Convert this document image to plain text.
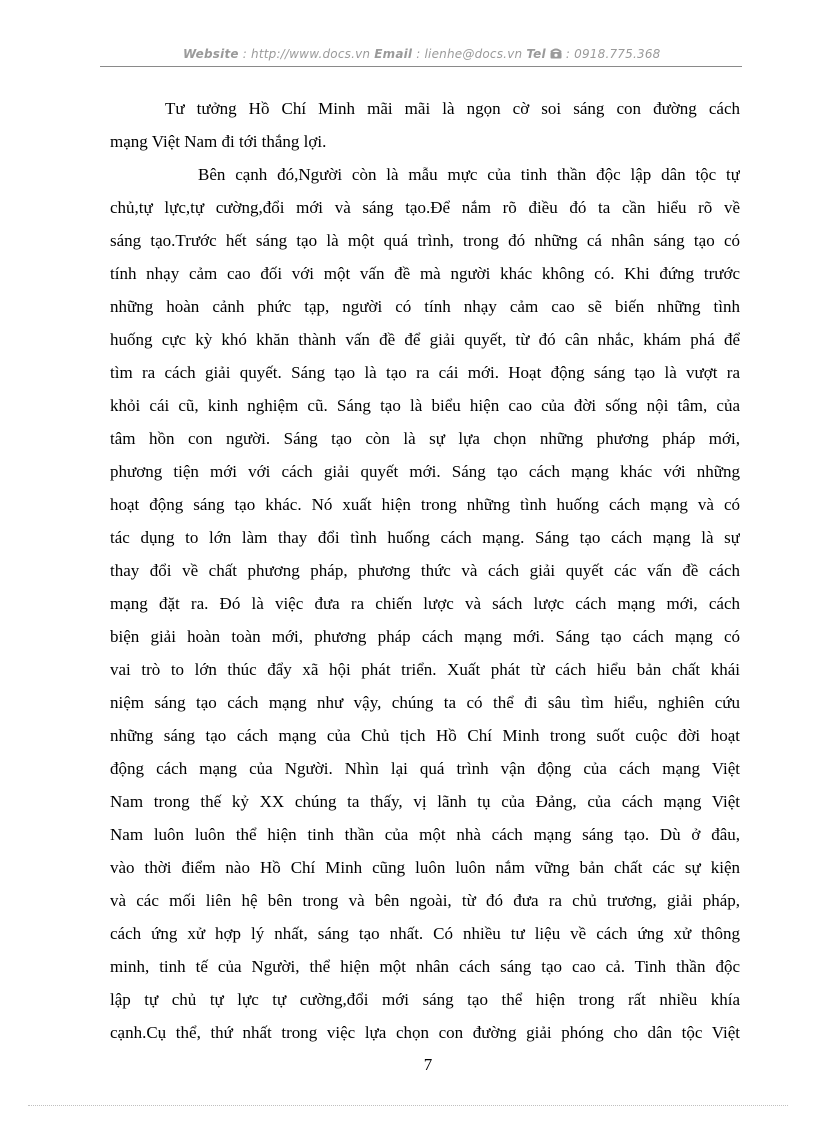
Website : http://www.docs.vn Email : lienhe@docs.vn Tel : 0918.775.368
Tư tưởng Hồ Chí Minh mãi mãi là ngọn cờ soi sáng con đường cách
mạng Việt Nam đi tới thắng lợi.
Bên cạnh đó,Người còn là mẫu mực của tinh thần độc lập dân tộc tự
chủ,tự lực,tự cường,đổi mới và sáng tạo.Để nắm rõ điều đó ta cần hiểu rõ về
sáng tạo.Trước hết sáng tạo là một quá trình, trong đó những cá nhân sáng tạo có
tính nhạy cảm cao đối với một vấn đề mà người khác không có. Khi đứng trước
những hoàn cảnh phức tạp, người có tính nhạy cảm cao sẽ biến những tình
huống cực kỳ khó khăn thành vấn đề để giải quyết, từ đó cân nhắc, khám phá để
tìm ra cách giải quyết. Sáng tạo là tạo ra cái mới. Hoạt động sáng tạo là vượt ra
khỏi cái cũ, kinh nghiệm cũ. Sáng tạo là biểu hiện cao của đời sống nội tâm, của
tâm hồn con người. Sáng tạo còn là sự lựa chọn những phương pháp mới,
phương tiện mới với cách giải quyết mới. Sáng tạo cách mạng khác với những
hoạt động sáng tạo khác. Nó xuất hiện trong những tình huống cách mạng và có
tác dụng to lớn làm thay đổi tình huống cách mạng. Sáng tạo cách mạng là sự
thay đổi về chất phương pháp, phương thức và cách giải quyết các vấn đề cách
mạng đặt ra. Đó là việc đưa ra chiến lược và sách lược cách mạng mới, cách
biện giải hoàn toàn mới, phương pháp cách mạng mới. Sáng tạo cách mạng có
vai trò to lớn thúc đẩy xã hội phát triển. Xuất phát từ cách hiểu bản chất khái
niệm sáng tạo cách mạng như vậy, chúng ta có thể đi sâu tìm hiểu, nghiên cứu
những sáng tạo cách mạng của Chủ tịch Hồ Chí Minh trong suốt cuộc đời hoạt
động cách mạng của Người. Nhìn lại quá trình vận động của cách mạng Việt
Nam trong thế kỷ XX chúng ta thấy, vị lãnh tụ của Đảng, của cách mạng Việt
Nam luôn luôn thể hiện tinh thần của một nhà cách mạng sáng tạo. Dù ở đâu,
vào thời điểm nào Hồ Chí Minh cũng luôn luôn nắm vững bản chất các sự kiện
và các mối liên hệ bên trong và bên ngoài, từ đó đưa ra chủ trương, giải pháp,
cách ứng xử hợp lý nhất, sáng tạo nhất. Có nhiều tư liệu về cách ứng xử thông
minh, tinh tế của Người, thể hiện một nhân cách sáng tạo cao cả. Tinh thần độc
lập tự chủ tự lực tự cường,đổi mới sáng tạo thể hiện trong rất nhiều khía
cạnh.Cụ thể, thứ nhất trong việc lựa chọn con đường giải phóng cho dân tộc Việt
7
